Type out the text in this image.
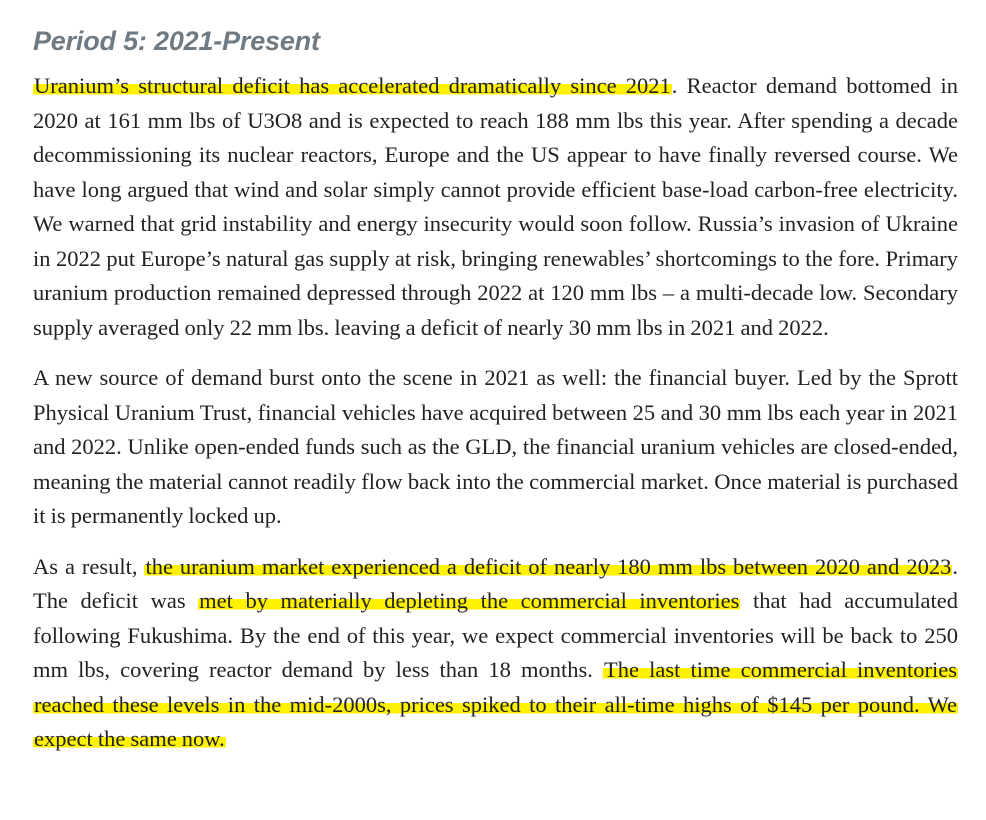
Period 5: 2021-Present

Uranium’s structural deficit has accelerated dramatically since 2021. Reactor demand bottomed in 2020 at 161 mm lbs of U3O8 and is expected to reach 188 mm lbs this year. After spending a decade decommissioning its nuclear reactors, Europe and the US appear to have finally reversed course. We have long argued that wind and solar simply cannot provide efficient base-load carbon-free electricity. We warned that grid instability and energy insecurity would soon follow. Russia’s invasion of Ukraine in 2022 put Europe’s natural gas supply at risk, bringing renewables’ shortcomings to the fore. Primary uranium production remained depressed through 2022 at 120 mm lbs – a multi-decade low. Secondary supply averaged only 22 mm lbs. leaving a deficit of nearly 30 mm lbs in 2021 and 2022.

A new source of demand burst onto the scene in 2021 as well: the financial buyer. Led by the Sprott Physical Uranium Trust, financial vehicles have acquired between 25 and 30 mm lbs each year in 2021 and 2022. Unlike open-ended funds such as the GLD, the financial uranium vehicles are closed-ended, meaning the material cannot readily flow back into the commercial market. Once material is purchased it is permanently locked up.

As a result, the uranium market experienced a deficit of nearly 180 mm lbs between 2020 and 2023. The deficit was met by materially depleting the commercial inventories that had accumulated following Fukushima. By the end of this year, we expect commercial inventories will be back to 250 mm lbs, covering reactor demand by less than 18 months. The last time commercial inventories reached these levels in the mid-2000s, prices spiked to their all-time highs of $145 per pound. We expect the same now.
